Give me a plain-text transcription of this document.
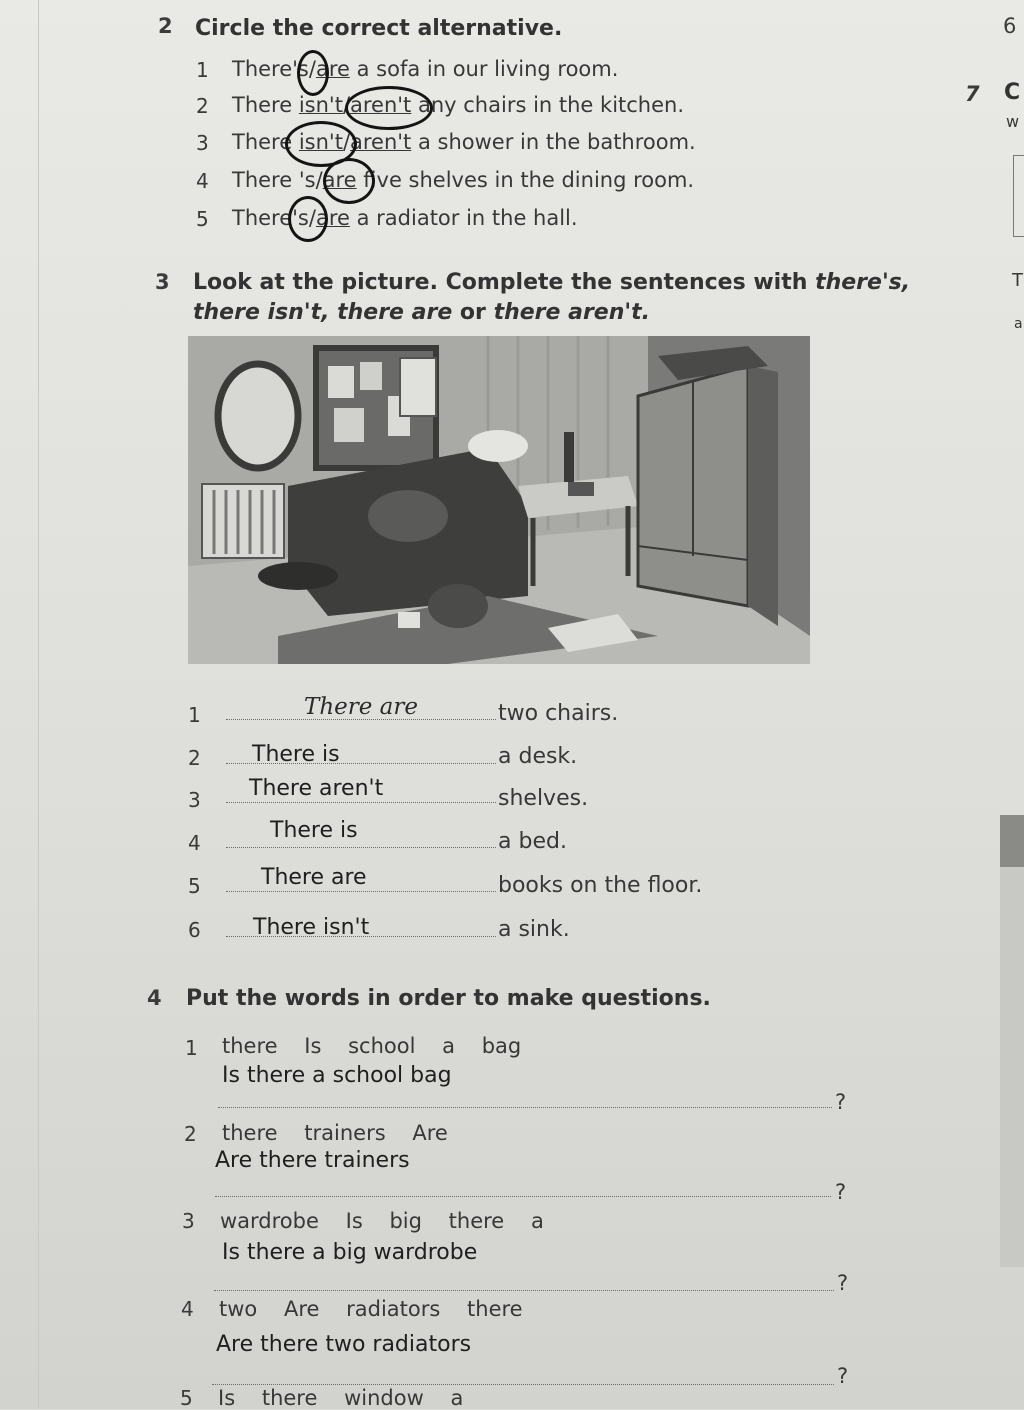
6
7 C
w
T
a
2 Circle the correct alternative.
1 There's/are a sofa in our living room.
2 There isn't/aren't any chairs in the kitchen.
3 There isn't/aren't a shower in the bathroom.
4 There 's/are five shelves in the dining room.
5 There's/are a radiator in the hall.
3 Look at the picture. Complete the sentences with there's,
there isn't, there are or there aren't.
1	There are	two chairs.
2 There is	a desk.
3 There aren't	shelves.
4	There is	a bed.
5	There are	books on the floor.
6 There isn't	a sink.
4 Put the words in order to make questions.
1 there Is school a bag
Is there a school bag
?
2 there trainers Are
Are there trainers
?
3 wardrobe Is big there a
Is there a big wardrobe
?
4 two Are radiators there
Are there two radiators
?
5 Is there window a
